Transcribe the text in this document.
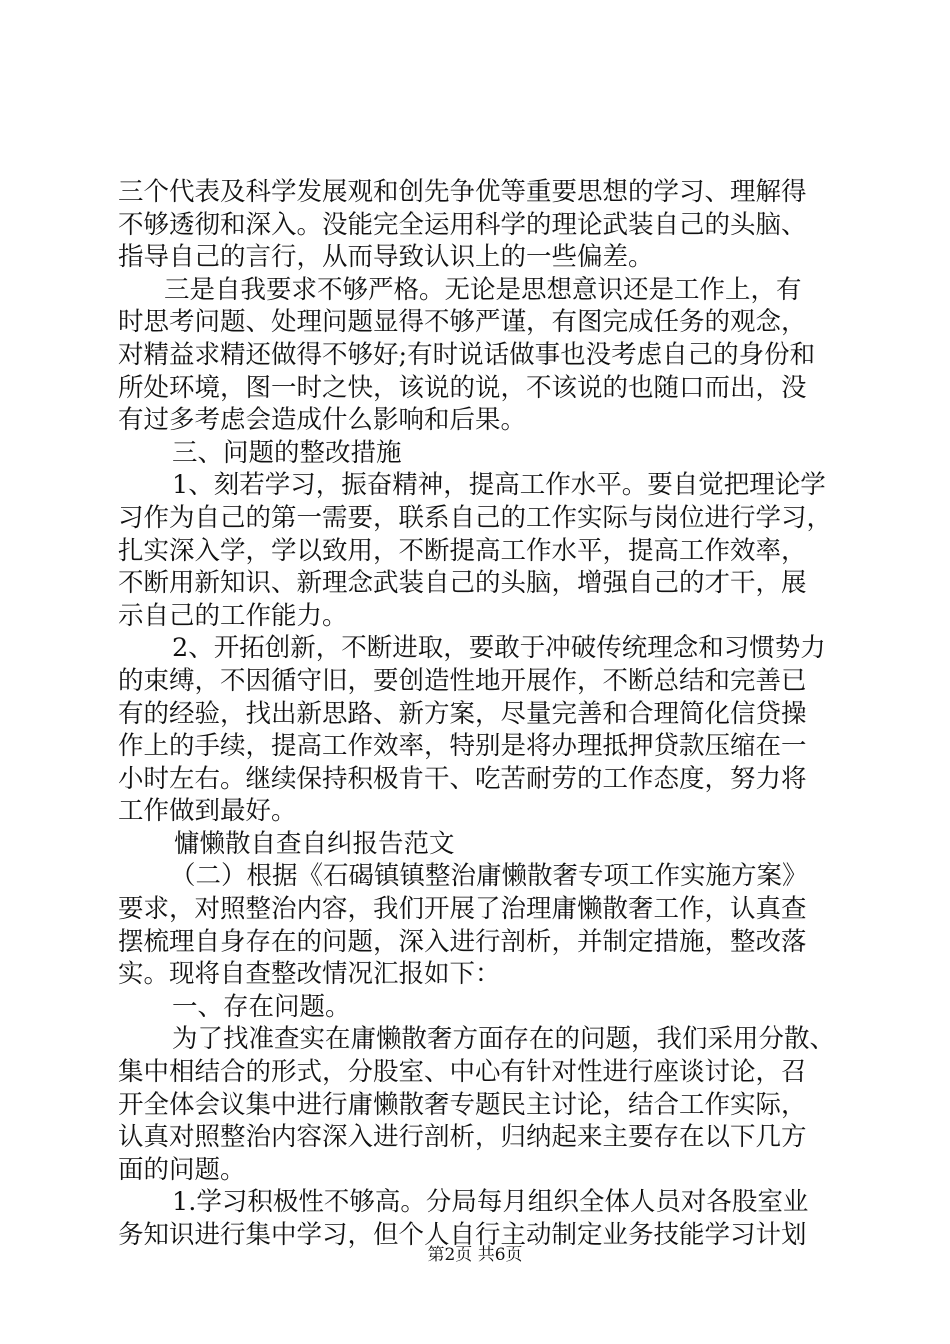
三个代表及科学发展观和创先争优等重要思想的学习、理解得
不够透彻和深入。没能完全运用科学的理论武装自己的头脑、
指导自己的言行，从而导致认识上的一些偏差。
三是自我要求不够严格。无论是思想意识还是工作上，有
时思考问题、处理问题显得不够严谨，有图完成任务的观念，
对精益求精还做得不够好;有时说话做事也没考虑自己的身份和
所处环境，图一时之快，该说的说，不该说的也随口而出，没
有过多考虑会造成什么影响和后果。
三、问题的整改措施
1、刻若学习，振奋精神，提高工作水平。要自觉把理论学
习作为自己的第一需要，联系自己的工作实际与岗位进行学习，
扎实深入学，学以致用，不断提高工作水平，提高工作效率，
不断用新知识、新理念武装自己的头脑，增强自己的才干，展
示自己的工作能力。
2、开拓创新，不断进取，要敢于冲破传统理念和习惯势力
的束缚，不因循守旧，要创造性地开展作，不断总结和完善已
有的经验，找出新思路、新方案，尽量完善和合理简化信贷操
作上的手续，提高工作效率，特别是将办理抵押贷款压缩在一
小时左右。继续保持积极肯干、吃苦耐劳的工作态度，努力将
工作做到最好。
慵懒散自查自纠报告范文
（二）根据《石碣镇镇整治庸懒散奢专项工作实施方案》
要求，对照整治内容，我们开展了治理庸懒散奢工作，认真查
摆梳理自身存在的问题，深入进行剖析，并制定措施，整改落
实。现将自查整改情况汇报如下：
一、存在问题。
为了找准查实在庸懒散奢方面存在的问题，我们采用分散、
集中相结合的形式，分股室、中心有针对性进行座谈讨论，召
开全体会议集中进行庸懒散奢专题民主讨论，结合工作实际，
认真对照整治内容深入进行剖析，归纳起来主要存在以下几方
面的问题。
1.学习积极性不够高。分局每月组织全体人员对各股室业
务知识进行集中学习，但个人自行主动制定业务技能学习计划
第2页 共6页
